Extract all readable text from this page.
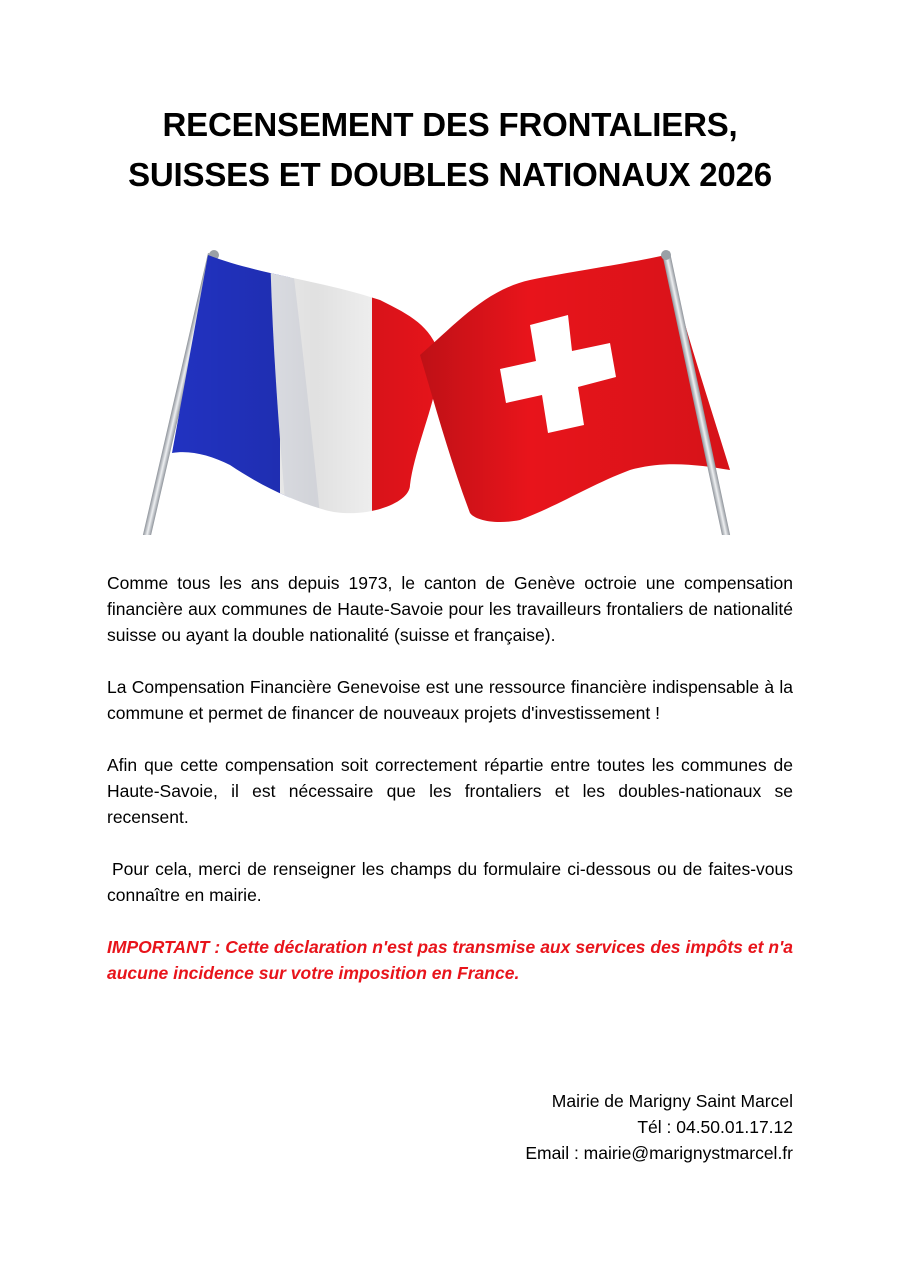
RECENSEMENT DES FRONTALIERS,
SUISSES ET DOUBLES NATIONAUX 2026

Comme tous les ans depuis 1973, le canton de Genève octroie une compensation financière aux communes de Haute-Savoie pour les travailleurs frontaliers de nationalité suisse ou ayant la double nationalité (suisse et française).

La Compensation Financière Genevoise est une ressource financière indispensable à la commune et permet de financer de nouveaux projets d'investissement !

Afin que cette compensation soit correctement répartie entre toutes les communes de Haute-Savoie, il est nécessaire que les frontaliers et les doubles-nationaux se recensent.

Pour cela, merci de renseigner les champs du formulaire ci-dessous ou de faites-vous connaître en mairie.

IMPORTANT : Cette déclaration n'est pas transmise aux services des impôts et n'a aucune incidence sur votre imposition en France.

Mairie de Marigny Saint Marcel
Tél : 04.50.01.17.12
Email : mairie@marignystmarcel.fr
